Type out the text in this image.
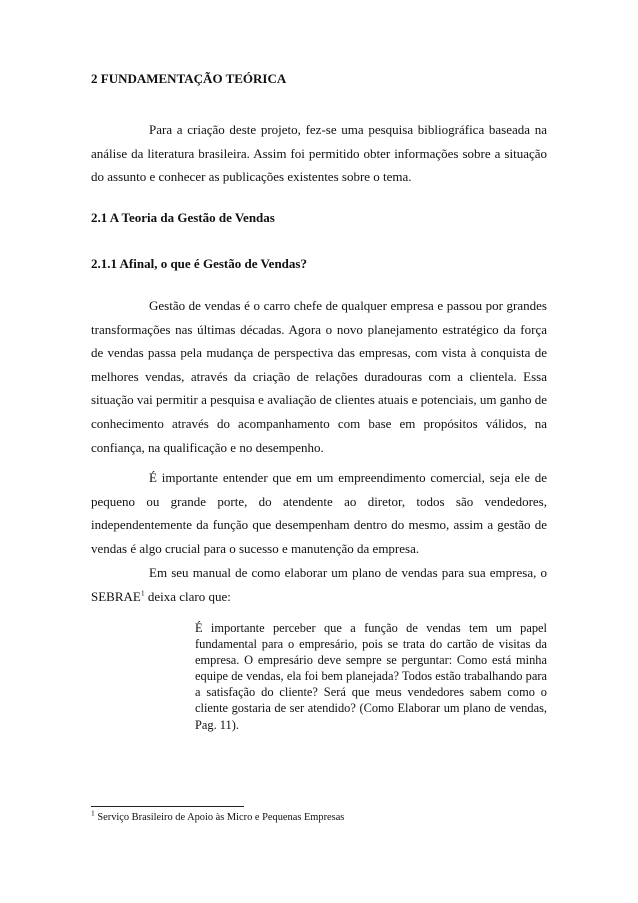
2 FUNDAMENTAÇÃO TEÓRICA

Para a criação deste projeto, fez-se uma pesquisa bibliográfica baseada na análise da literatura brasileira. Assim foi permitido obter informações sobre a situação do assunto e conhecer as publicações existentes sobre o tema.

2.1 A Teoria da Gestão de Vendas

2.1.1 Afinal, o que é Gestão de Vendas?

Gestão de vendas é o carro chefe de qualquer empresa e passou por grandes transformações nas últimas décadas. Agora o novo planejamento estratégico da força de vendas passa pela mudança de perspectiva das empresas, com vista à conquista de melhores vendas, através da criação de relações duradouras com a clientela. Essa situação vai permitir a pesquisa e avaliação de clientes atuais e potenciais, um ganho de conhecimento através do acompanhamento com base em propósitos válidos, na confiança, na qualificação e no desempenho.

É importante entender que em um empreendimento comercial, seja ele de pequeno ou grande porte, do atendente ao diretor, todos são vendedores, independentemente da função que desempenham dentro do mesmo, assim a gestão de vendas é algo crucial para o sucesso e manutenção da empresa.

Em seu manual de como elaborar um plano de vendas para sua empresa, o SEBRAE$^1$ deixa claro que:

É importante perceber que a função de vendas tem um papel fundamental para o empresário, pois se trata do cartão de visitas da empresa. O empresário deve sempre se perguntar: Como está minha equipe de vendas, ela foi bem planejada? Todos estão trabalhando para a satisfação do cliente? Será que meus vendedores sabem como o cliente gostaria de ser atendido? (Como Elaborar um plano de vendas, Pag. 11).

$^1$ Serviço Brasileiro de Apoio às Micro e Pequenas Empresas
